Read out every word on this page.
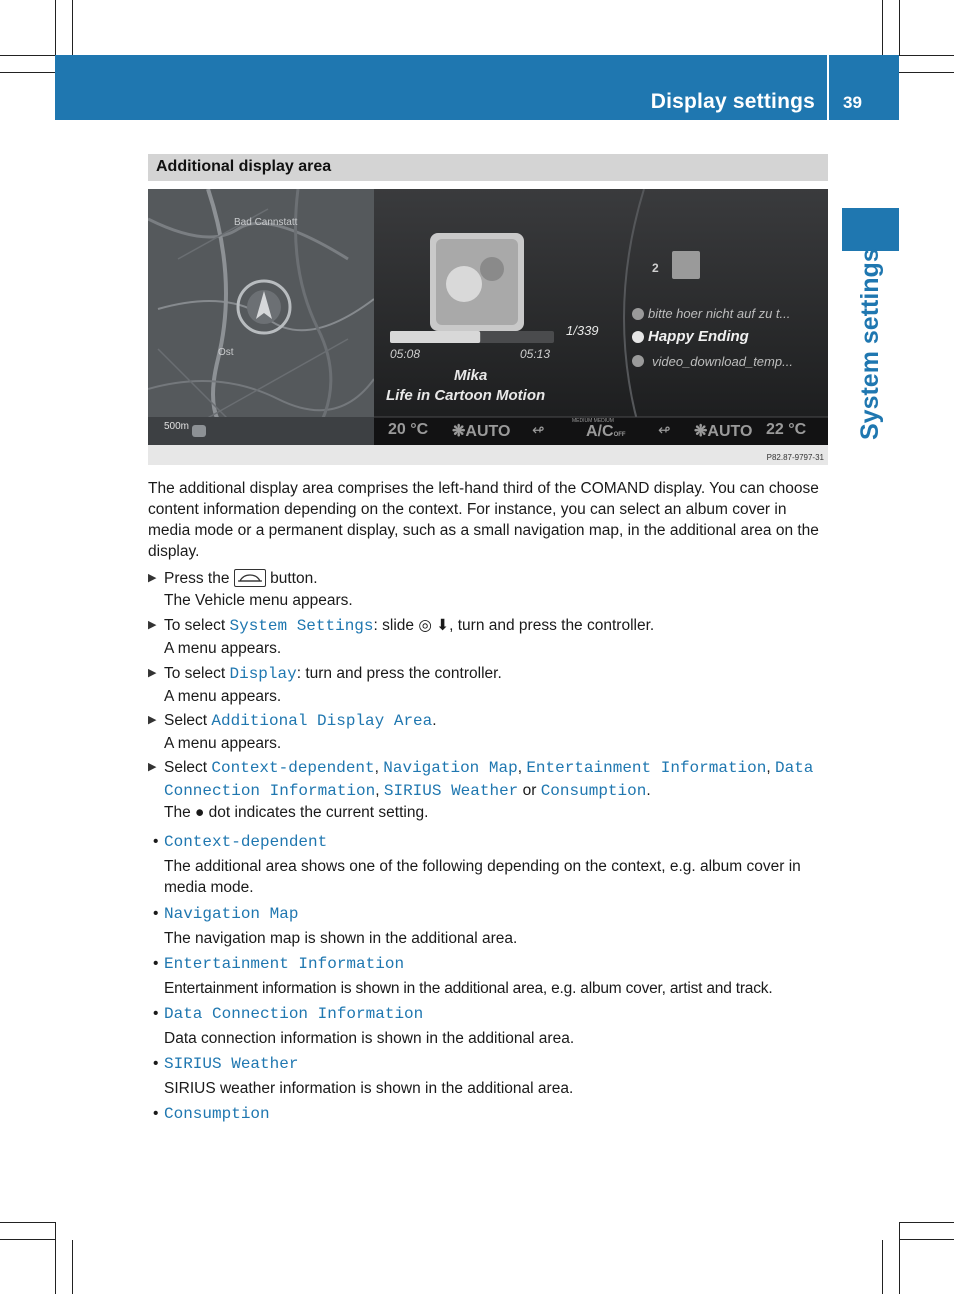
Display settings 39
System settings
Additional display area
Bad Cannstatt
Ost
500m
1/339
05:08	05:13
Mika
Life in Cartoon Motion
2
bitte hoer nicht auf zu t...
Happy Ending
video_download_temp...
20 °C ❋AUTO ↫
MEDIUM MEDIUM
A/COFF ↫ ❋AUTO 22 °C
P82.87-9797-31
The additional display area comprises the left-hand third of the COMAND display. You can choose content information depending on the context. For instance, you can select an album cover in media mode or a permanent display, such as a small navigation map, in the additional area on the display.
▶ Press the	button.
The Vehicle menu appears.
▶ To select System Settings: slide ◎ ⬇, turn and press the controller.
A menu appears.
▶ To select Display: turn and press the controller.
A menu appears.
▶ Select Additional Display Area.
A menu appears.
▶ Select Context-dependent, Navigation Map, Entertainment Information, Data Connection Information, SIRIUS Weather or Consumption.
The ● dot indicates the current setting.
• Context-dependent

The additional area shows one of the following depending on the context, e.g. album cover in media mode.
• Navigation Map

The navigation map is shown in the additional area.
• Entertainment Information

Entertainment information is shown in the additional area, e.g. album cover, artist and track.
• Data Connection Information

Data connection information is shown in the additional area.
• SIRIUS Weather

SIRIUS weather information is shown in the additional area.
• Consumption
